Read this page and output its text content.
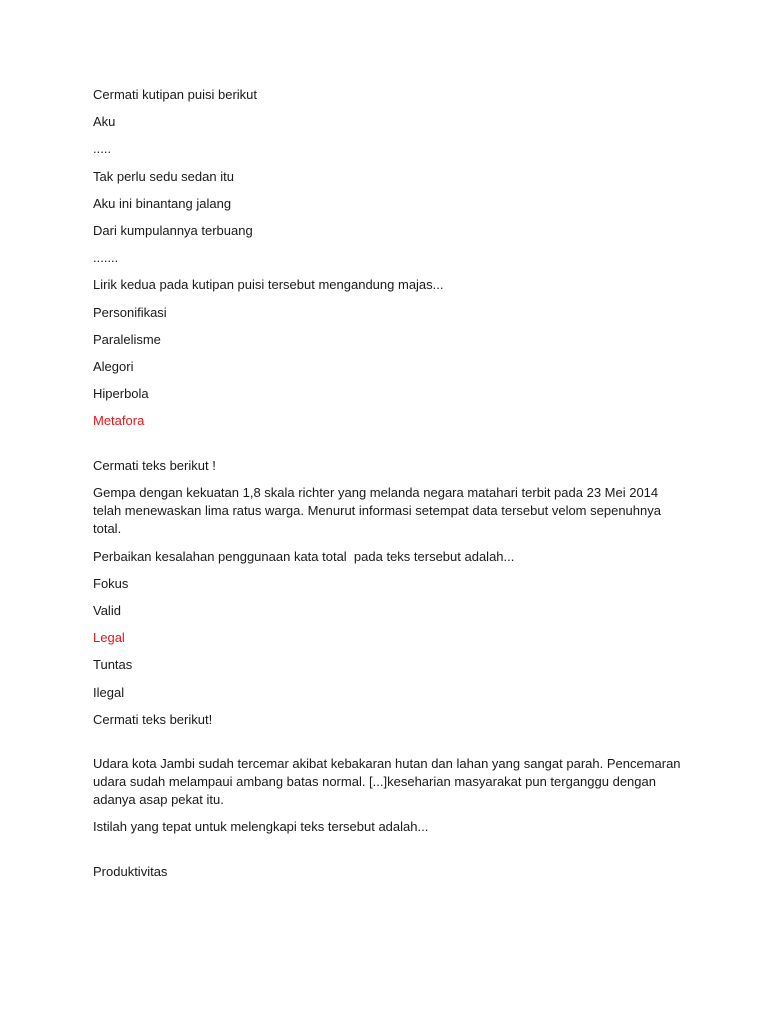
Cermati kutipan puisi berikut

Aku

.....

Tak perlu sedu sedan itu

Aku ini binantang jalang

Dari kumpulannya terbuang

.......

Lirik kedua pada kutipan puisi tersebut mengandung majas...

Personifikasi

Paralelisme

Alegori

Hiperbola

Metafora

Cermati teks berikut !

Gempa dengan kekuatan 1,8 skala richter yang melanda negara matahari terbit pada 23 Mei 2014 telah menewaskan lima ratus warga. Menurut informasi setempat data tersebut velom sepenuhnya total.

Perbaikan kesalahan penggunaan kata total  pada teks tersebut adalah...

Fokus

Valid

Legal

Tuntas

Ilegal

Cermati teks berikut!

Udara kota Jambi sudah tercemar akibat kebakaran hutan dan lahan yang sangat parah. Pencemaran udara sudah melampaui ambang batas normal. [...]keseharian masyarakat pun terganggu dengan adanya asap pekat itu.

Istilah yang tepat untuk melengkapi teks tersebut adalah...

Produktivitas
